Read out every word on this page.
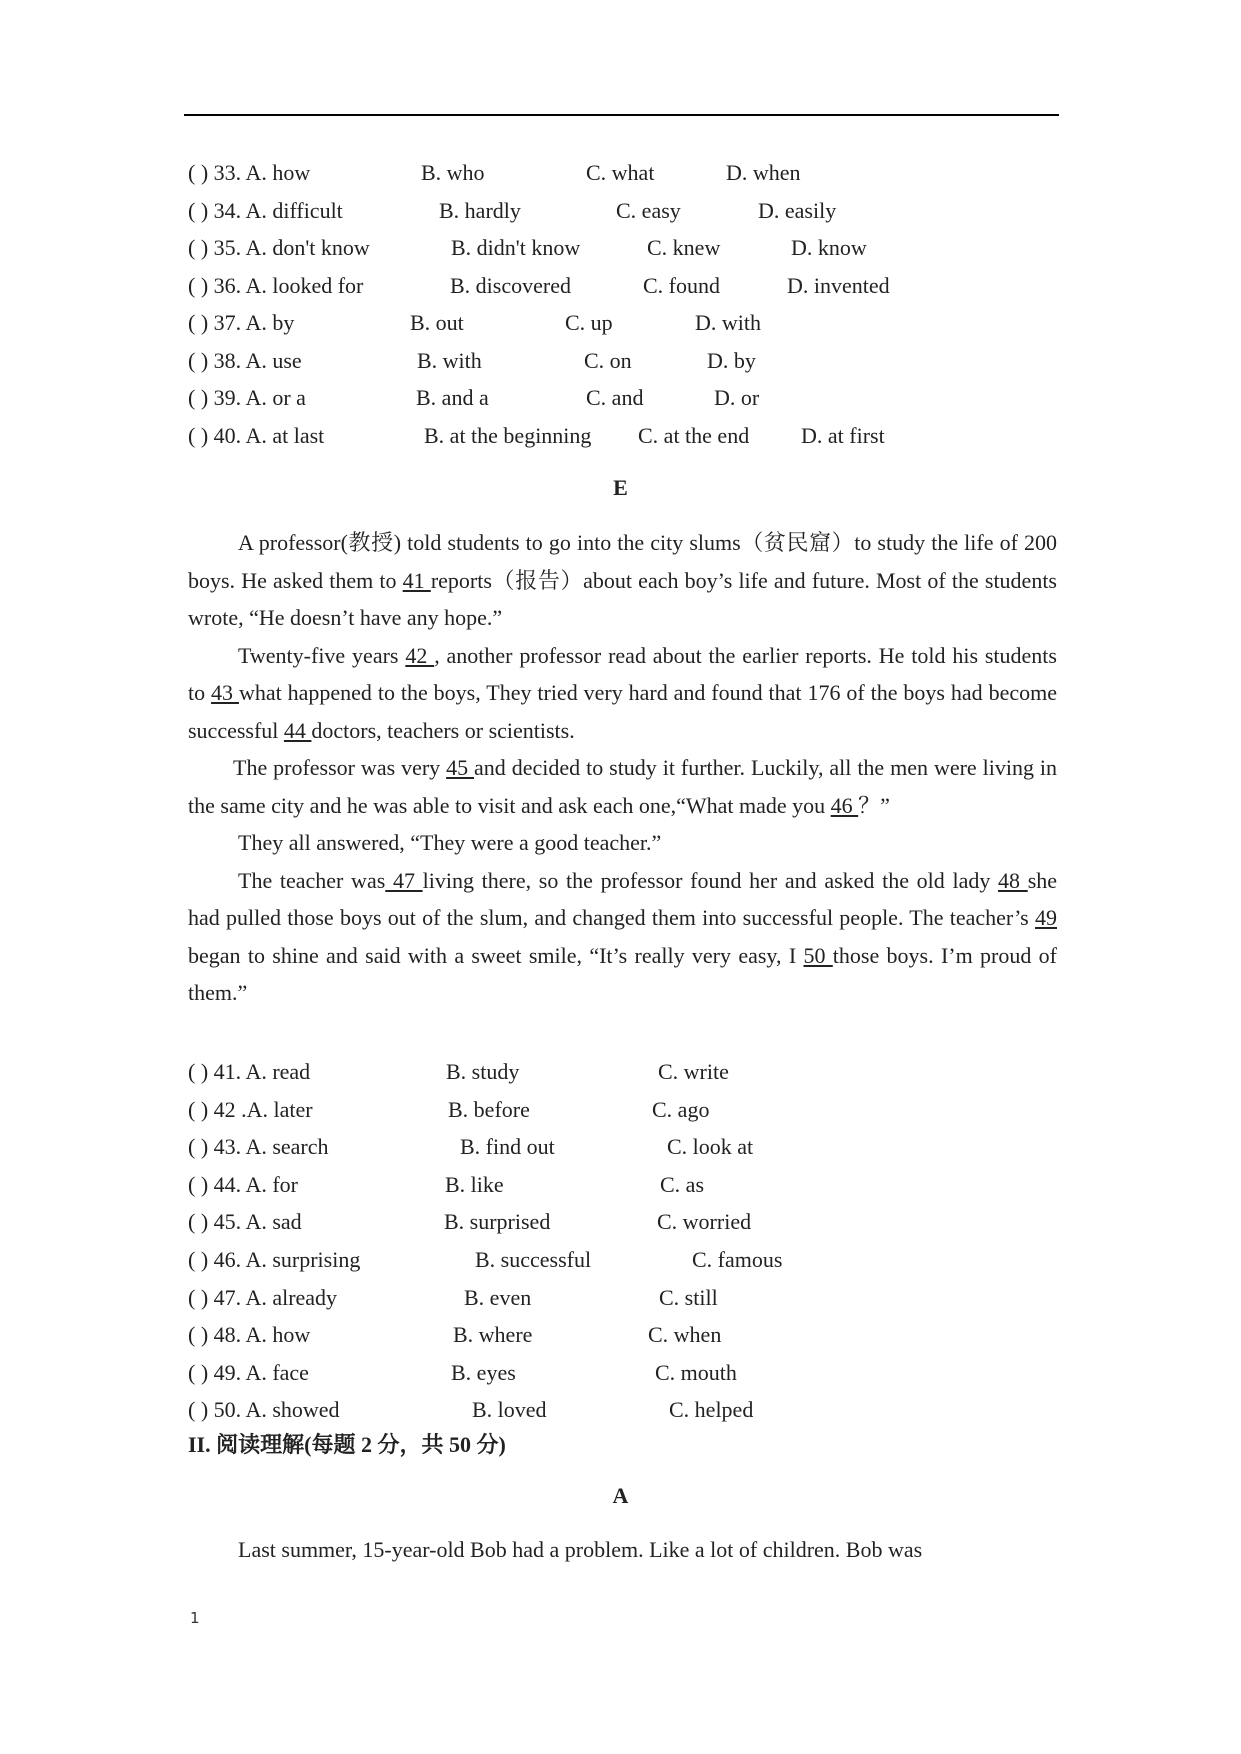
( ) 33. A. how	B. who	C. what	D. when
( ) 34. A. difficult	B. hardly	C. easy	D. easily
( ) 35. A. don't know	B. didn't know	C. knew	D. know
( ) 36. A. looked for	B. discovered	C. found	D. invented
( ) 37. A. by	B. out	C. up	D. with
( ) 38. A. use	B. with	C. on	D. by
( ) 39. A. or a	B. and a	C. and	D. or
( ) 40. A. at last	B. at the beginning C. at the end D. at first
E

A professor(教授) told students to go into the city slums（贫民窟）to study the life of 200 boys. He asked them to 41 reports（报告）about each boy’s life and future. Most of the students wrote, “He doesn’t have any hope.”

Twenty-five years 42 , another professor read about the earlier reports. He told his students to 43 what happened to the boys, They tried very hard and found that 176 of the boys had become successful 44 doctors, teachers or scientists.

The professor was very 45 and decided to study it further. Luckily, all the men were living in the same city and he was able to visit and ask each one,“What made you 46 ？”

They all answered, “They were a good teacher.”

The teacher was 47 living there, so the professor found her and asked the old lady 48 she had pulled those boys out of the slum, and changed them into successful people. The teacher’s 49 began to shine and said with a sweet smile, “It’s really very easy, I 50 those boys. I’m proud of them.”

( ) 41. A. read	B. study	C. write
( ) 42 .A. later	B. before	C. ago
( ) 43. A. search	B. find out	C. look at
( ) 44. A. for	B. like	C. as
( ) 45. A. sad	B. surprised	C. worried
( ) 46. A. surprising	B. successful	C. famous
( ) 47. A. already	B. even	C. still
( ) 48. A. how	B. where	C. when
( ) 49. A. face	B. eyes	C. mouth
( ) 50. A. showed	B. loved	C. helped
II. 阅读理解(每题 2 分，共 50 分)
A
Last summer, 15-year-old Bob had a problem. Like a lot of children. Bob was
1
